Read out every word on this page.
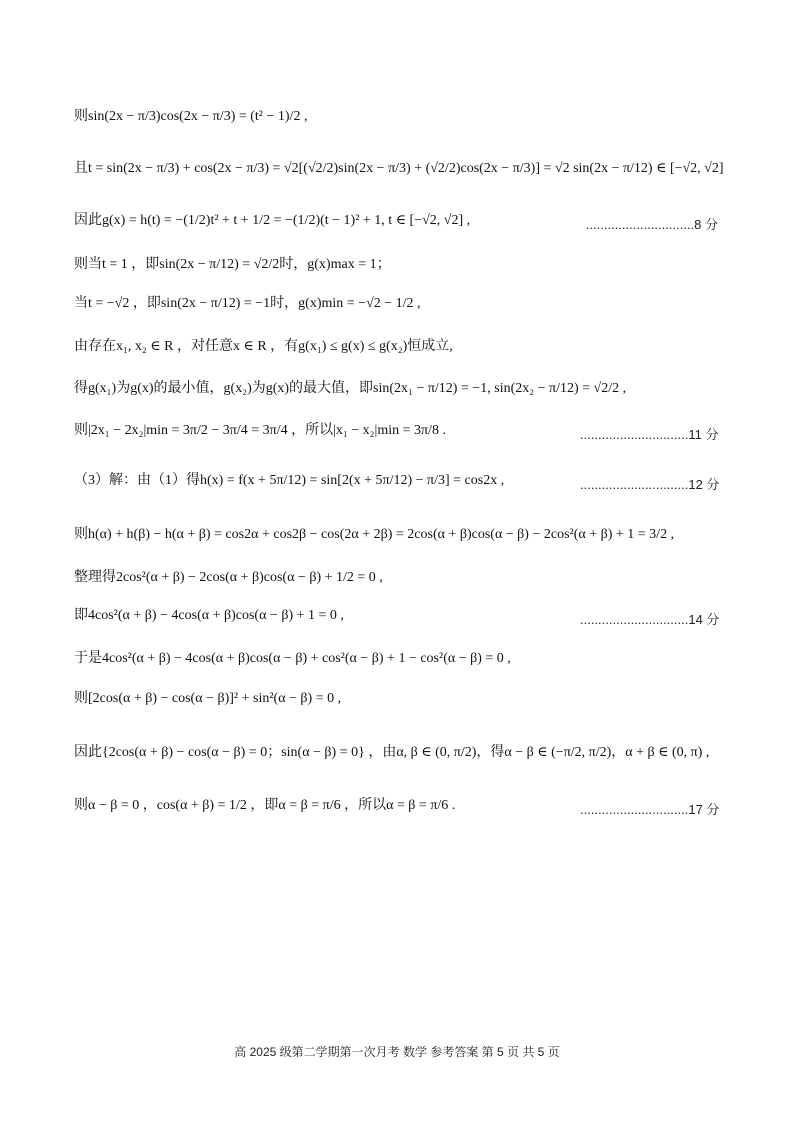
则sin(2x − π/3)cos(2x − π/3) = (t² − 1)/2 ,
且t = sin(2x − π/3) + cos(2x − π/3) = √2[(√2/2)sin(2x − π/3) + (√2/2)cos(2x − π/3)] = √2 sin(2x − π/12) ∈ [−√2, √2]
因此g(x) = h(t) = −(1/2)t² + t + 1/2 = −(1/2)(t − 1)² + 1, t ∈ [−√2, √2] ,	..............................8 分
则当t = 1 ，即sin(2x − π/12) = √2/2时，g(x)max = 1；
当t = −√2 ，即sin(2x − π/12) = −1时，g(x)min = −√2 − 1/2 ,
由存在x₁, x₂ ∈ R ，对任意x ∈ R ，有g(x₁) ≤ g(x) ≤ g(x₂)恒成立,
得g(x₁)为g(x)的最小值，g(x₂)为g(x)的最大值，即sin(2x₁ − π/12) = −1, sin(2x₂ − π/12) = √2/2 ,
则|2x₁ − 2x₂|min = 3π/2 − 3π/4 = 3π/4 ，所以|x₁ − x₂|min = 3π/8 .	..............................11 分
（3）解：由（1）得h(x) = f(x + 5π/12) = sin[2(x + 5π/12) − π/3] = cos2x ,	..............................12 分
则h(α) + h(β) − h(α + β) = cos2α + cos2β − cos(2α + 2β) = 2cos(α + β)cos(α − β) − 2cos²(α + β) + 1 = 3/2 ,
整理得2cos²(α + β) − 2cos(α + β)cos(α − β) + 1/2 = 0 ,
即4cos²(α + β) − 4cos(α + β)cos(α − β) + 1 = 0 ,	..............................14 分
于是4cos²(α + β) − 4cos(α + β)cos(α − β) + cos²(α − β) + 1 − cos²(α − β) = 0 ,
则[2cos(α + β) − cos(α − β)]² + sin²(α − β) = 0 ,
因此{2cos(α + β) − cos(α − β) = 0；sin(α − β) = 0} ，由α, β ∈ (0, π/2)，得α − β ∈ (−π/2, π/2)，α + β ∈ (0, π) ,
则α − β = 0 ，cos(α + β) = 1/2 ，即α = β = π/6 ，所以α = β = π/6 .	..............................17 分
高 2025 级第二学期第一次月考 数学 参考答案 第 5 页 共 5 页
